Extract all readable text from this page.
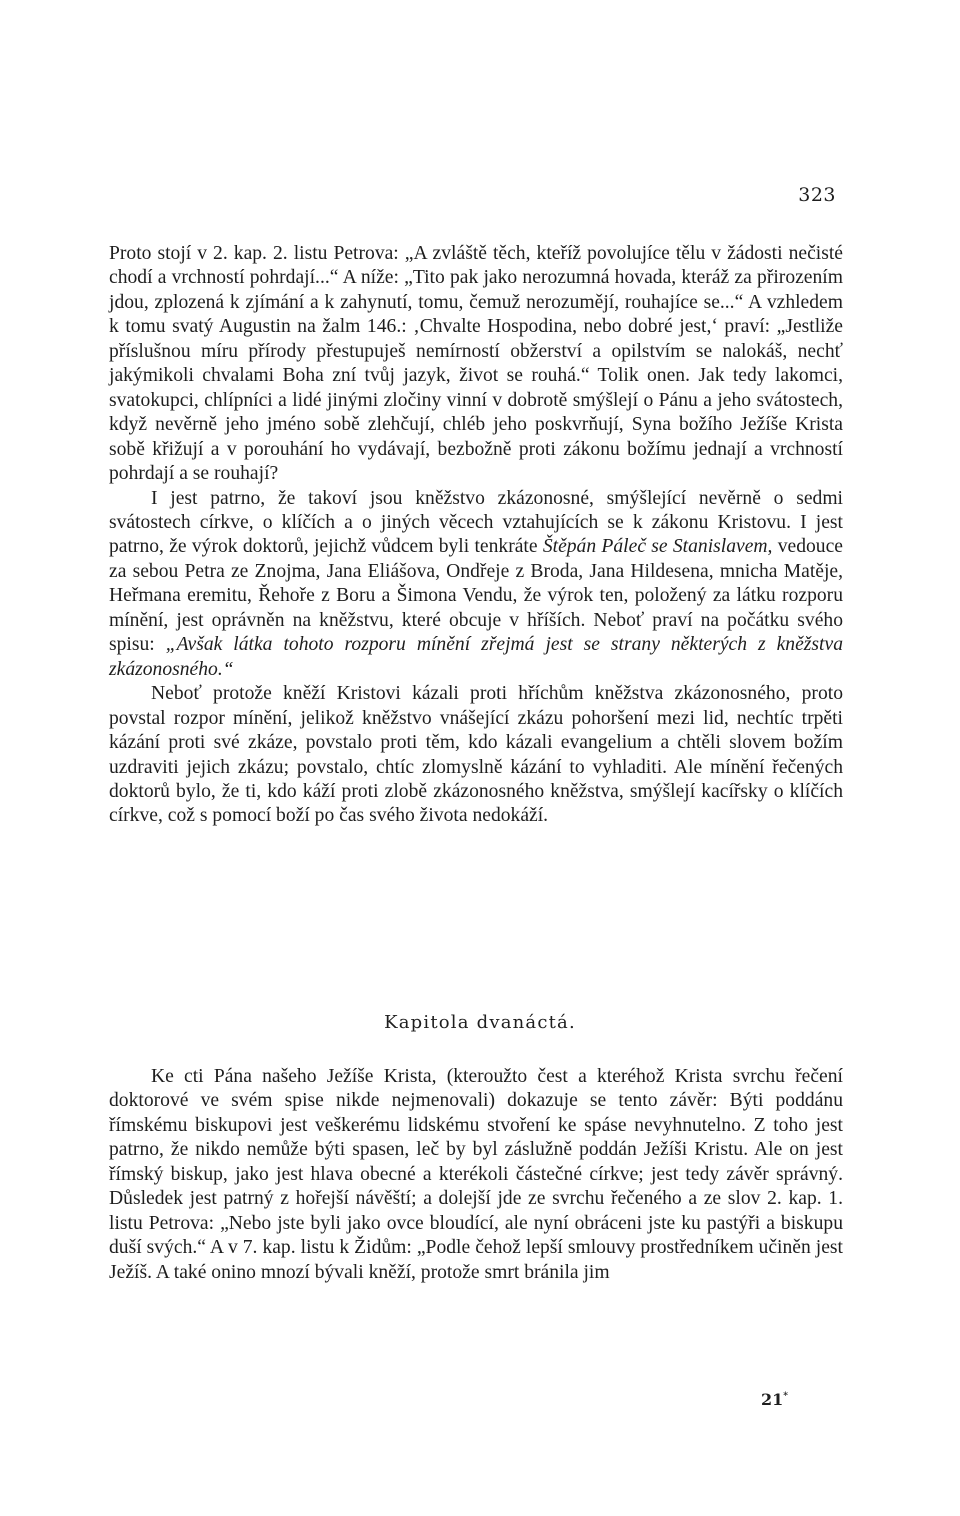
323

Proto stojí v 2. kap. 2. listu Petrova: „A zvláště těch, kteříž povolujíce tělu v žádosti nečisté chodí a vrchností pohrdají...“ A níže: „Tito pak jako nerozumná hovada, kteráž za přirozením jdou, zplozená k zjímání a k zahynutí, tomu, čemuž nerozumějí, rouhajíce se...“ A vzhledem k tomu svatý Augustin na žalm 146.: ‚Chvalte Hospodina, nebo dobré jest,‘ praví: „Jestliže příslušnou míru přírody přestupuješ nemírností obžerství a opilstvím se nalokáš, nechť jakýmikoli chvalami Boha zní tvůj jazyk, život se rouhá.“ Tolik onen. Jak tedy lakomci, svatokupci, chlípníci a lidé jinými zločiny vinní v dobrotě smýšlejí o Pánu a jeho svátostech, když nevěrně jeho jméno sobě zlehčují, chléb jeho poskvrňují, Syna božího Ježíše Krista sobě křižují a v porouhání ho vydávají, bezbožně proti zákonu božímu jednají a vrchností pohrdají a se rouhají?

I jest patrno, že takoví jsou kněžstvo zkázonosné, smýšlející nevěrně o sedmi svátostech církve, o klíčích a o jiných věcech vztahujících se k zákonu Kristovu. I jest patrno, že výrok doktorů, jejichž vůdcem byli tenkráte Štěpán Páleč se Stanislavem, vedouce za sebou Petra ze Znojma, Jana Eliášova, Ondřeje z Broda, Jana Hildesena, mnicha Matěje, Heřmana eremitu, Řehoře z Boru a Šimona Vendu, že výrok ten, položený za látku rozporu mínění, jest oprávněn na kněžstvu, které obcuje v hříších. Neboť praví na počátku svého spisu: „Avšak látka tohoto rozporu mínění zřejmá jest se strany některých z kněžstva zkázonosného.“

Neboť protože kněží Kristovi kázali proti hříchům kněžstva zkázonosného, proto povstal rozpor mínění, jelikož kněžstvo vnášející zkázu pohoršení mezi lid, nechtíc trpěti kázání proti své zkáze, povstalo proti těm, kdo kázali evangelium a chtěli slovem božím uzdraviti jejich zkázu; povstalo, chtíc zlomyslně kázání to vyhladiti. Ale mínění řečených doktorů bylo, že ti, kdo káží proti zlobě zkázonosného kněžstva, smýšlejí kacířsky o klíčích církve, což s pomocí boží po čas svého života nedokáží.

Kapitola dvanáctá.

Ke cti Pána našeho Ježíše Krista, (kteroužto čest a kteréhož Krista svrchu řečení doktorové ve svém spise nikde nejmenovali) dokazuje se tento závěr: Býti poddánu římskému biskupovi jest veškerému lidskému stvoření ke spáse nevyhnutelno. Z toho jest patrno, že nikdo nemůže býti spasen, leč by byl záslužně poddán Ježíši Kristu. Ale on jest římský biskup, jako jest hlava obecné a kterékoli částečné církve; jest tedy závěr správný. Důsledek jest patrný z hořejší návěští; a dolejší jde ze svrchu řečeného a ze slov 2. kap. 1. listu Petrova: „Nebo jste byli jako ovce bloudící, ale nyní obráceni jste ku pastýři a biskupu duší svých.“ A v 7. kap. listu k Židům: „Podle čehož lepší smlouvy prostředníkem učiněn jest Ježíš. A také onino mnozí bývali kněží, protože smrt bránila jim

21*
